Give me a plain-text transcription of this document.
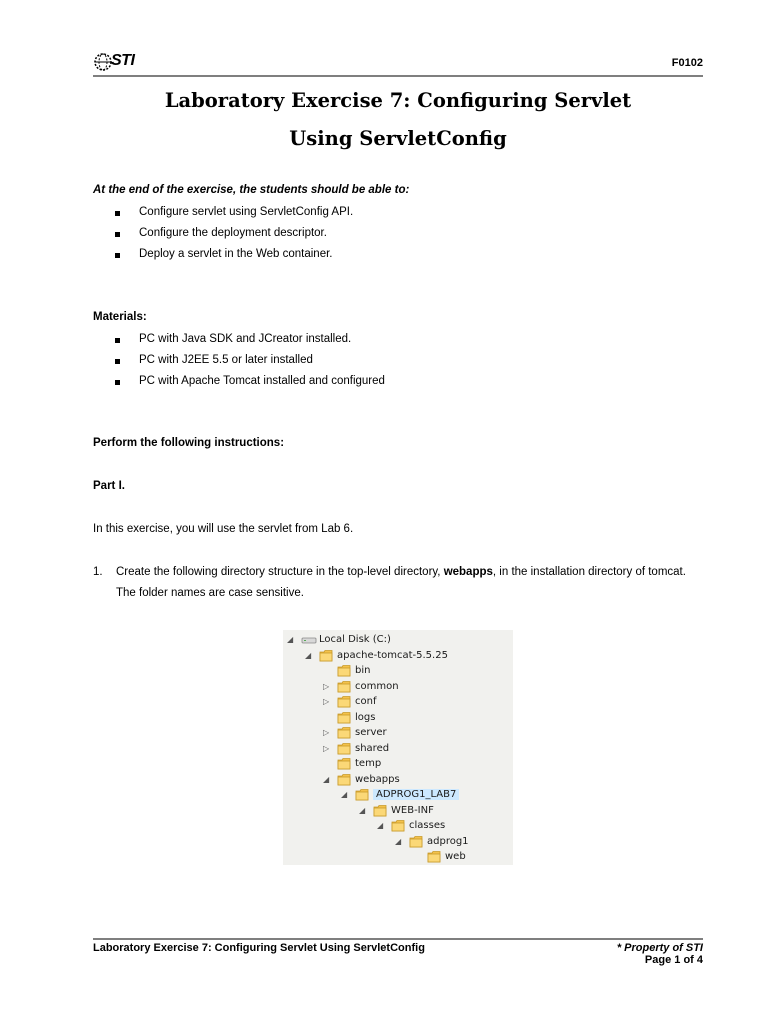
STI	F0102
Laboratory Exercise 7: Configuring Servlet
Using ServletConfig
At the end of the exercise, the students should be able to:
Configure servlet using ServletConfig API.
Configure the deployment descriptor.
Deploy a servlet in the Web container.
Materials:
PC with Java SDK and JCreator installed.
PC with J2EE 5.5 or later installed
PC with Apache Tomcat installed and configured
Perform the following instructions:
Part I.
In this exercise, you will use the servlet from Lab 6.
1. Create the following directory structure in the top-level directory, webapps, in the installation directory of tomcat. The folder names are case sensitive.
◢	Local Disk (C:)
◢	apache-tomcat-5.5.25
bin
▷	common
▷	conf
logs
▷	server
▷	shared
temp
◢	webapps
◢	ADPROG1_LAB7
◢	WEB-INF
◢	classes
◢	adprog1
web
Laboratory Exercise 7: Configuring Servlet Using ServletConfig	* Property of STI
Page 1 of 4
